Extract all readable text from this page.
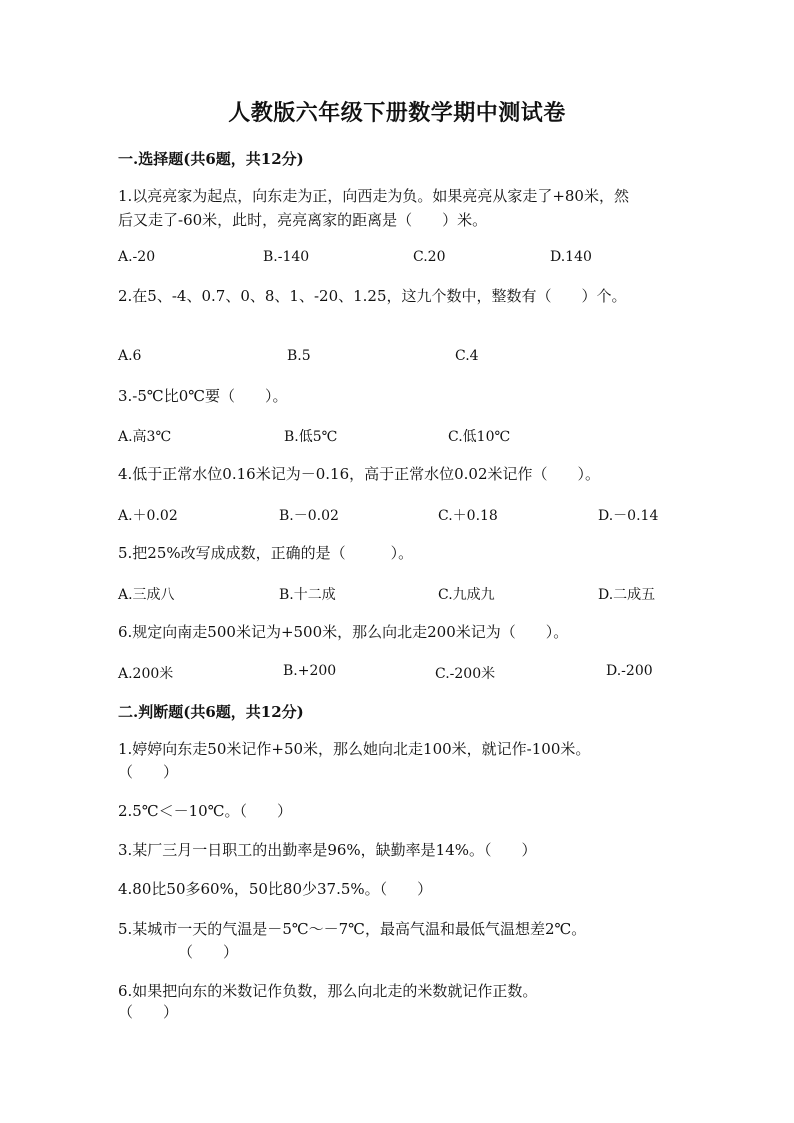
人教版六年级下册数学期中测试卷
一.选择题(共6题，共12分)
1.以亮亮家为起点，向东走为正，向西走为负。如果亮亮从家走了+80米，然
后又走了-60米，此时，亮亮离家的距离是（　　）米。
A.-20	B.-140	C.20	D.140
2.在5、-4、0.7、0、8、1、-20、1.25，这九个数中，整数有（　　）个。
A.6	B.5	C.4
3.-5℃比0℃要（　　）。
A.高3℃	B.低5℃	C.低10℃
4.低于正常水位0.16米记为－0.16，高于正常水位0.02米记作（　　）。
A.＋0.02	B.－0.02	C.＋0.18	D.－0.14
5.把25%改写成成数，正确的是（　　　）。
A.三成八	B.十二成	C.九成九	D.二成五
6.规定向南走500米记为+500米，那么向北走200米记为（　　）。
A.200米	B.+200	C.-200米	D.-200
二.判断题(共6题，共12分)
1.婷婷向东走50米记作+50米，那么她向北走100米，就记作-100米。
（　　）
2.5℃＜－10℃。（　　）
3.某厂三月一日职工的出勤率是96%，缺勤率是14%。（　　）
4.80比50多60%，50比80少37.5%。（　　）
5.某城市一天的气温是－5℃～－7℃，最高气温和最低气温想差2℃。
（　　）
6.如果把向东的米数记作负数，那么向北走的米数就记作正数。
（　　）
